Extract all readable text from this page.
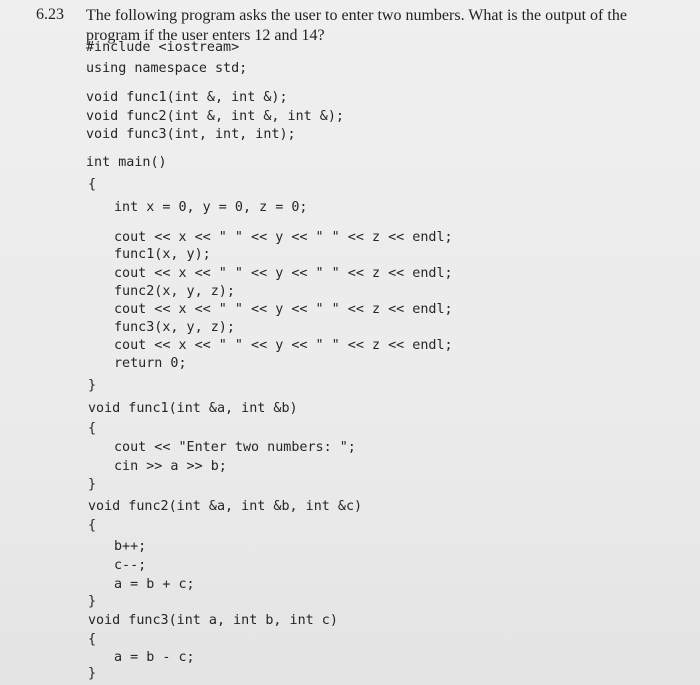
6.23 The following program asks the user to enter two numbers. What is the output of the program if the user enters 12 and 14?
#include <iostream>
using namespace std;
void func1(int &, int &);
void func2(int &, int &, int &);
void func3(int, int, int);
int main()
{
int x = 0, y = 0, z = 0;
cout << x << " " << y << " " << z << endl;
func1(x, y);
cout << x << " " << y << " " << z << endl;
func2(x, y, z);
cout << x << " " << y << " " << z << endl;
func3(x, y, z);
cout << x << " " << y << " " << z << endl;
return 0;
}
void func1(int &a, int &b)
{
cout << "Enter two numbers: ";
cin >> a >> b;
}
void func2(int &a, int &b, int &c)
{
b++;
c--;
a = b + c;
}
void func3(int a, int b, int c)
{
a = b - c;
}
